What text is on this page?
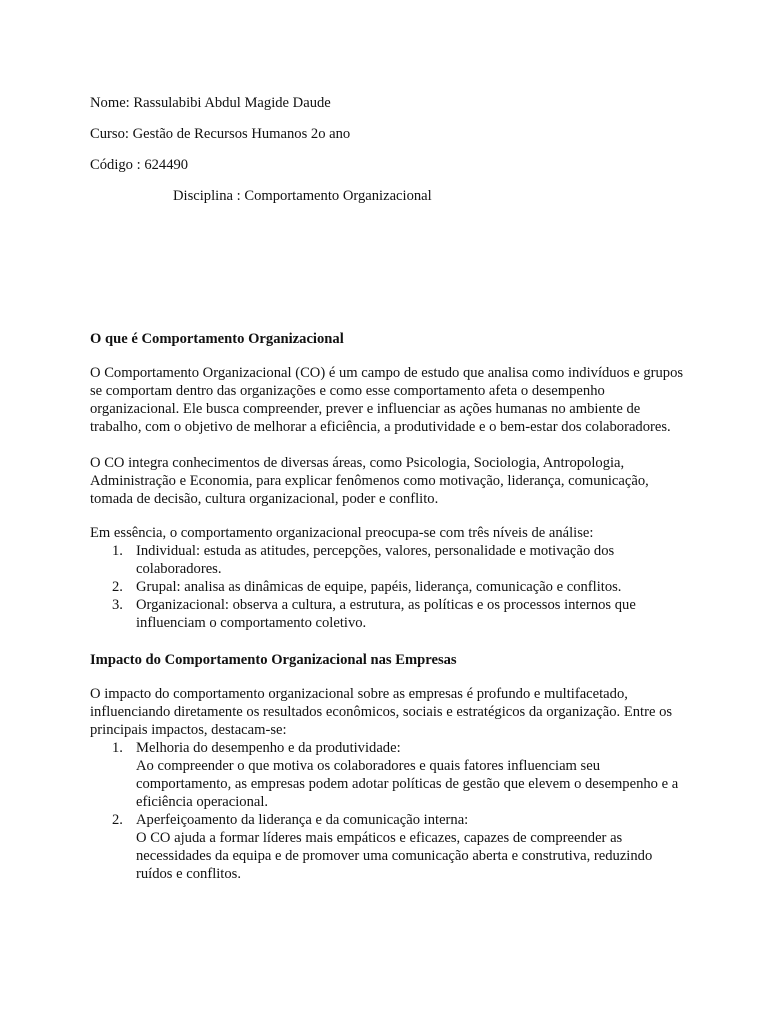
Nome: Rassulabibi Abdul Magide Daude

Curso: Gestão de Recursos Humanos 2o ano

Código : 624490

Disciplina : Comportamento Organizacional

O que é Comportamento Organizacional

O Comportamento Organizacional (CO) é um campo de estudo que analisa como indivíduos e grupos se comportam dentro das organizações e como esse comportamento afeta o desempenho organizacional. Ele busca compreender, prever e influenciar as ações humanas no ambiente de trabalho, com o objetivo de melhorar a eficiência, a produtividade e o bem-estar dos colaboradores.

O CO integra conhecimentos de diversas áreas, como Psicologia, Sociologia, Antropologia, Administração e Economia, para explicar fenômenos como motivação, liderança, comunicação, tomada de decisão, cultura organizacional, poder e conflito.

Em essência, o comportamento organizacional preocupa-se com três níveis de análise:

1. Individual: estuda as atitudes, percepções, valores, personalidade e motivação dos colaboradores.
2. Grupal: analisa as dinâmicas de equipe, papéis, liderança, comunicação e conflitos.
3. Organizacional: observa a cultura, a estrutura, as políticas e os processos internos que influenciam o comportamento coletivo.

Impacto do Comportamento Organizacional nas Empresas

O impacto do comportamento organizacional sobre as empresas é profundo e multifacetado, influenciando diretamente os resultados econômicos, sociais e estratégicos da organização. Entre os principais impactos, destacam-se:

1. Melhoria do desempenho e da produtividade:
Ao compreender o que motiva os colaboradores e quais fatores influenciam seu comportamento, as empresas podem adotar políticas de gestão que elevem o desempenho e a eficiência operacional.
2. Aperfeiçoamento da liderança e da comunicação interna:
O CO ajuda a formar líderes mais empáticos e eficazes, capazes de compreender as necessidades da equipa e de promover uma comunicação aberta e construtiva, reduzindo ruídos e conflitos.
